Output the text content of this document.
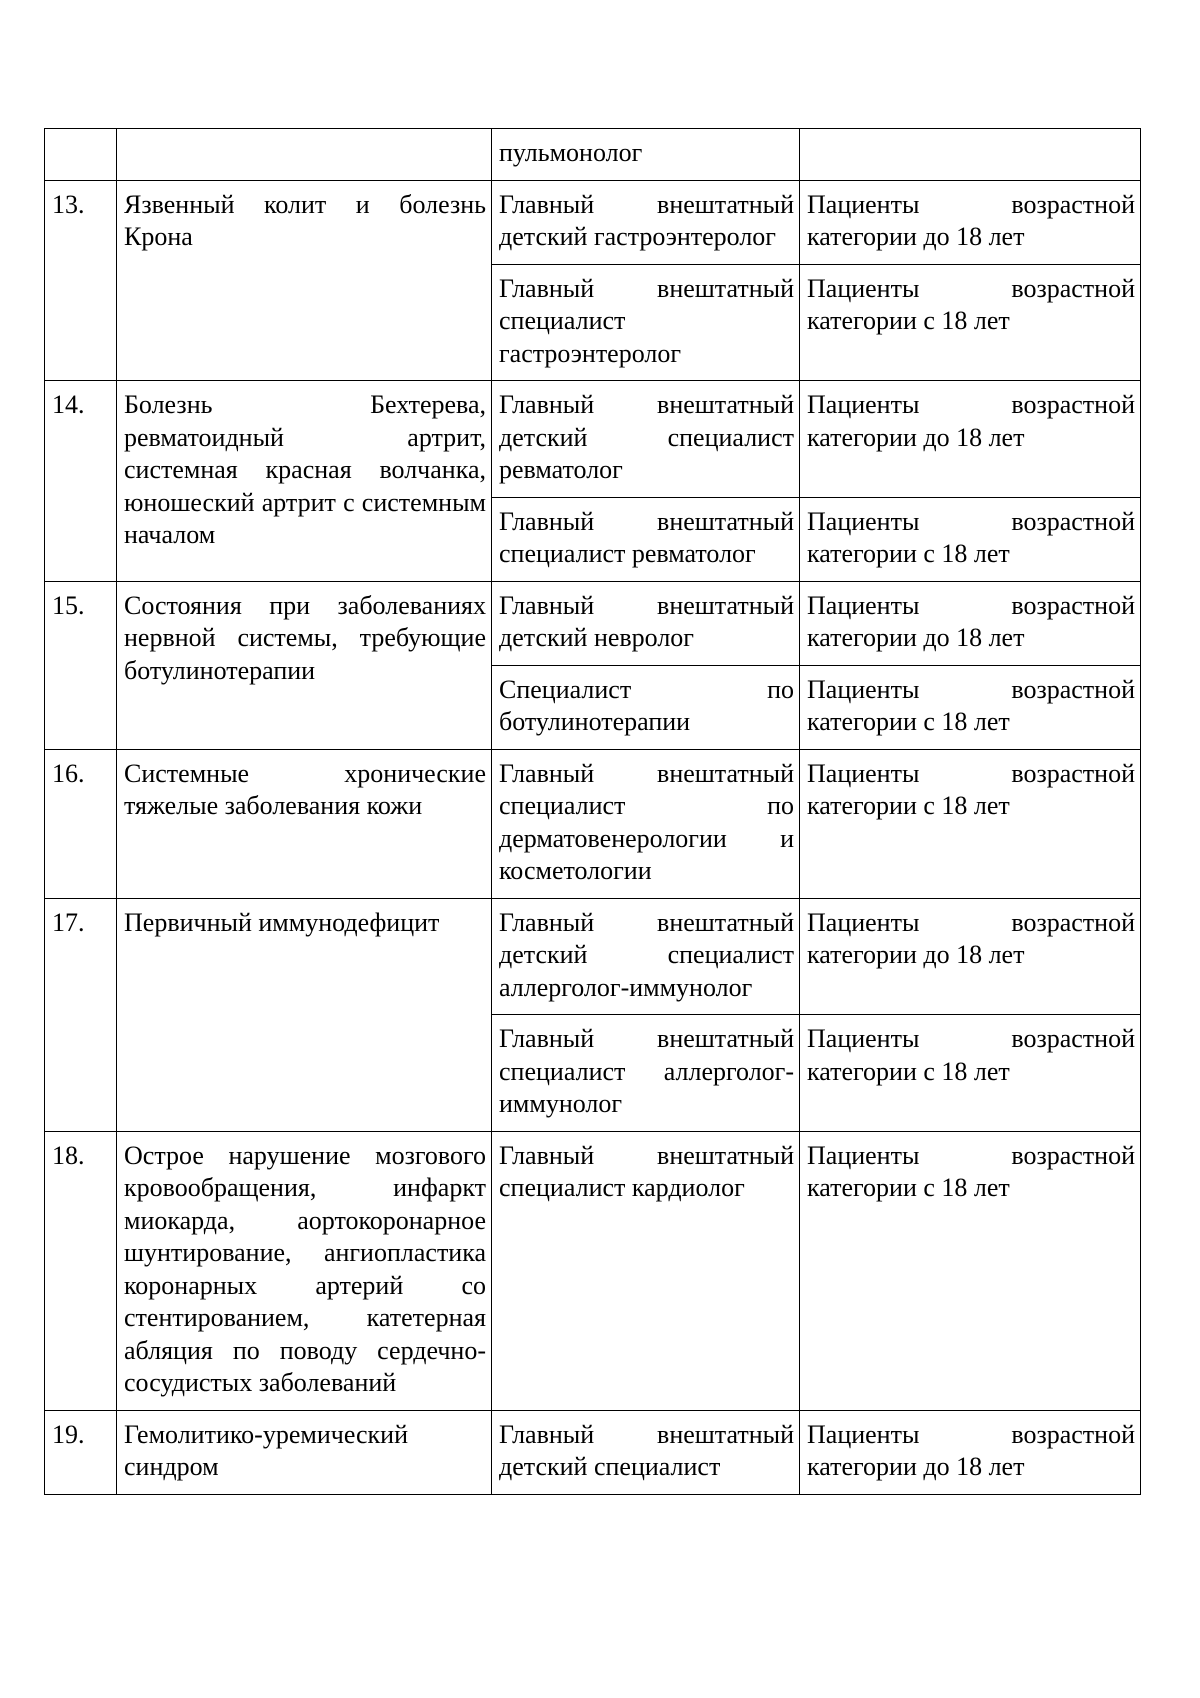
		пульмонолог	
13.	Язвенный колит и болезнь Крона	Главный внештатный детский гастроэнтеролог	Пациенты возрастной категории до 18 лет
		Главный внештатный специалист гастроэнтеролог	Пациенты возрастной категории с 18 лет
14.	Болезнь Бехтерева, ревматоидный артрит, системная красная волчанка, юношеский артрит с системным началом	Главный внештатный детский специалист ревматолог	Пациенты возрастной категории до 18 лет
		Главный внештатный специалист ревматолог	Пациенты возрастной категории с 18 лет
15.	Состояния при заболеваниях нервной системы, требующие ботулинотерапии	Главный внештатный детский невролог	Пациенты возрастной категории до 18 лет
		Специалист по ботулинотерапии	Пациенты возрастной категории с 18 лет
16.	Системные хронические тяжелые заболевания кожи	Главный внештатный специалист по дерматовенерологии и косметологии	Пациенты возрастной категории с 18 лет
17.	Первичный иммунодефицит	Главный внештатный детский специалист аллерголог-иммунолог	Пациенты возрастной категории до 18 лет
		Главный внештатный специалист аллерголог-иммунолог	Пациенты возрастной категории с 18 лет
18.	Острое нарушение мозгового кровообращения, инфаркт миокарда, аортокоронарное шунтирование, ангиопластика коронарных артерий со стентированием, катетерная абляция по поводу сердечно-сосудистых заболеваний	Главный внештатный специалист кардиолог	Пациенты возрастной категории с 18 лет
19.	Гемолитико-уремический синдром	Главный внештатный детский специалист	Пациенты возрастной категории до 18 лет
